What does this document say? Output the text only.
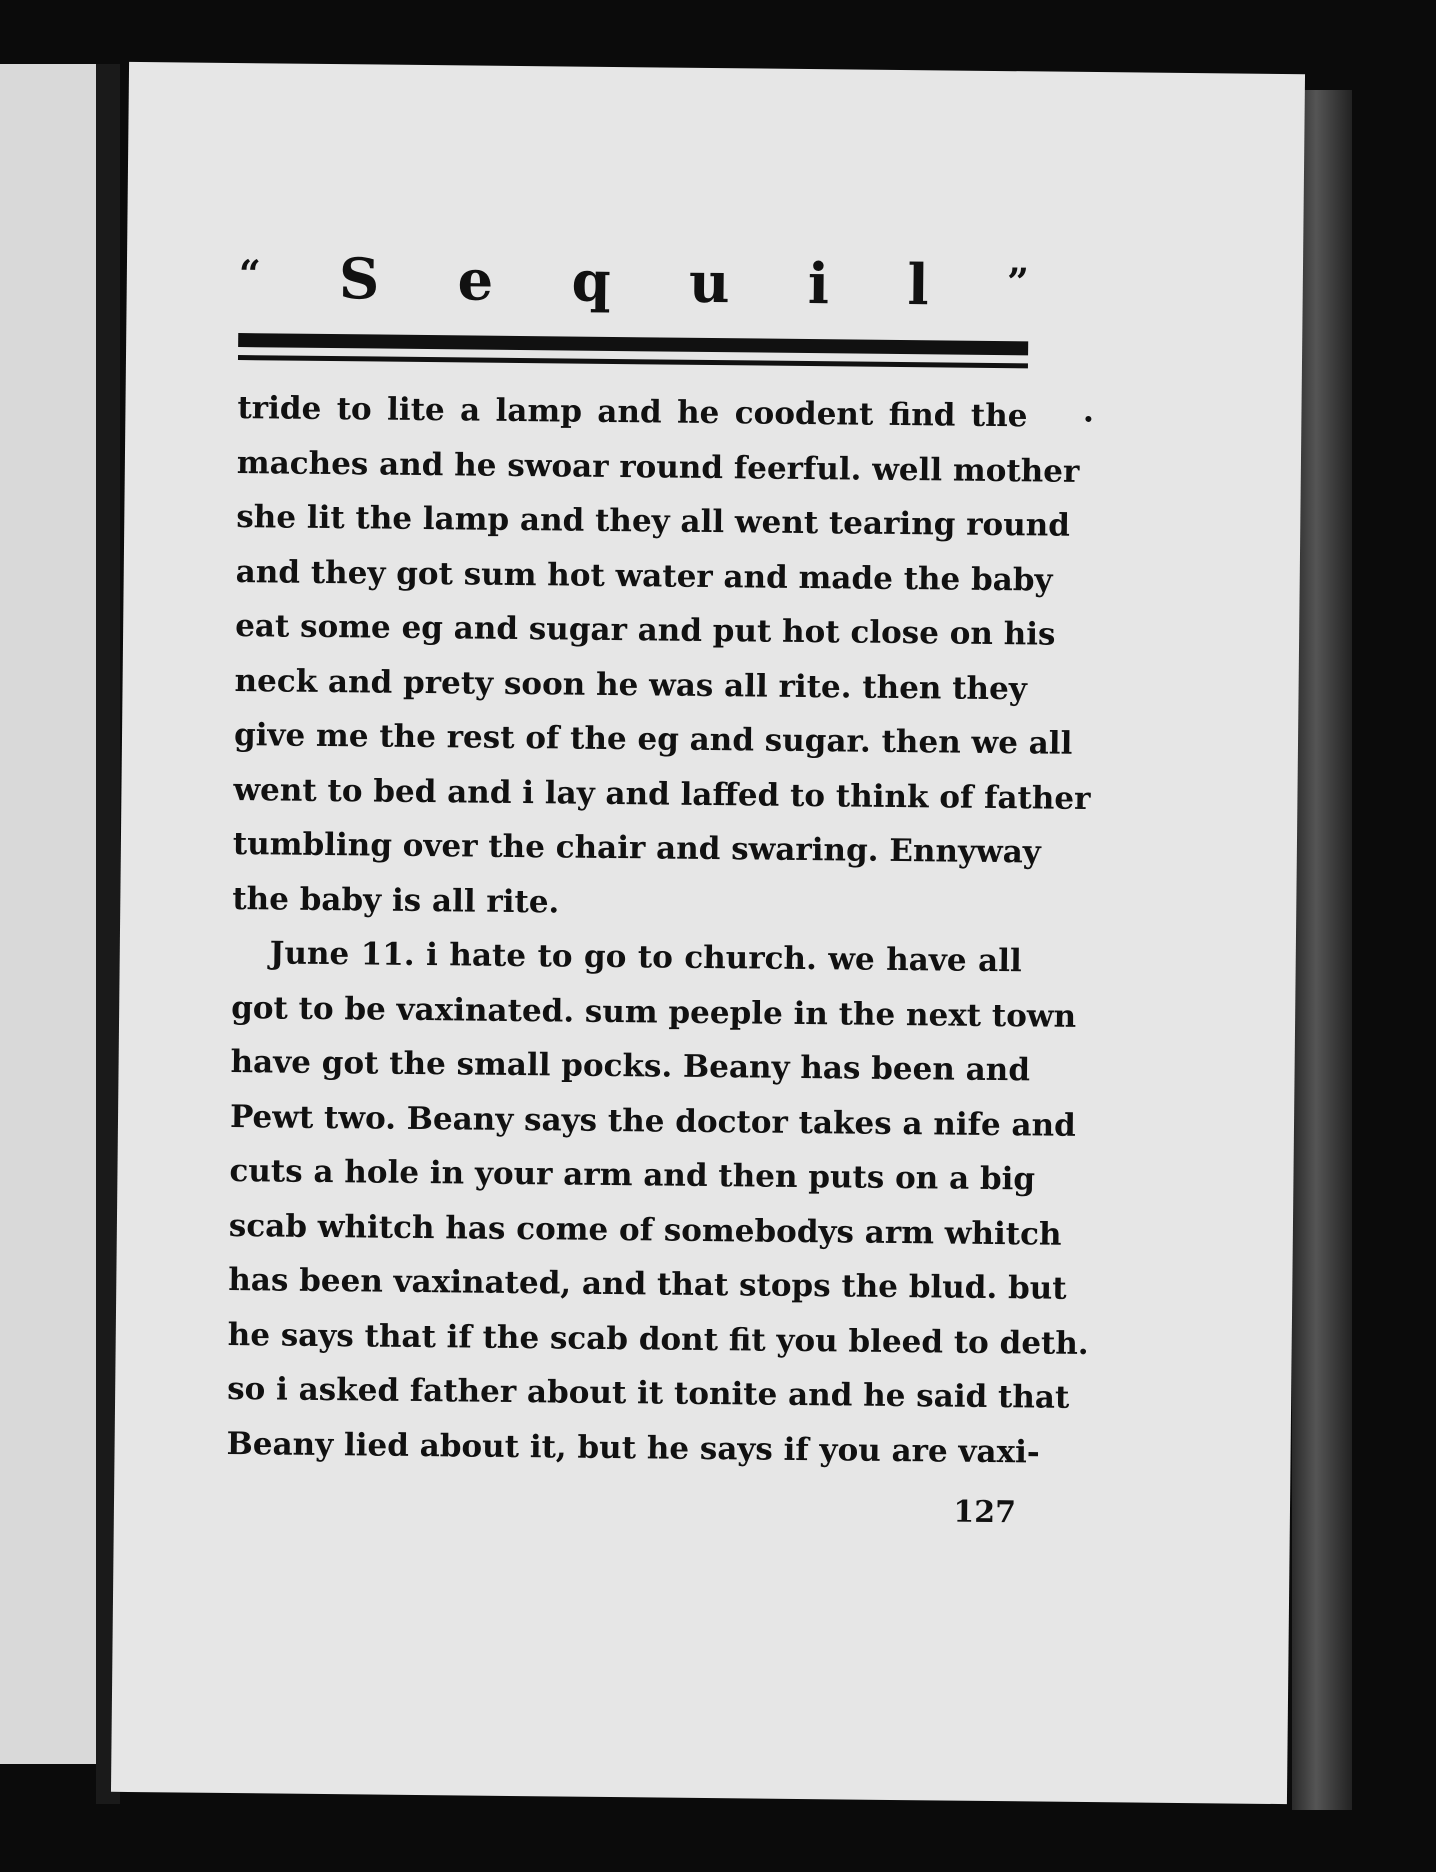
“ S e q u i l ”
tride to lite a lamp and he coodent find the
maches and he swoar round feerful. well mother
she lit the lamp and they all went tearing round
and they got sum hot water and made the baby
eat some eg and sugar and put hot close on his
neck and prety soon he was all rite. then they
give me the rest of the eg and sugar. then we all
went to bed and i lay and laffed to think of father
tumbling over the chair and swaring. Ennyway
the baby is all rite.
June 11. i hate to go to church. we have all
got to be vaxinated. sum peeple in the next town
have got the small pocks. Beany has been and
Pewt two. Beany says the doctor takes a nife and
cuts a hole in your arm and then puts on a big
scab whitch has come of somebodys arm whitch
has been vaxinated, and that stops the blud. but
he says that if the scab dont fit you bleed to deth.
so i asked father about it tonite and he said that
Beany lied about it, but he says if you are vaxi-
127
